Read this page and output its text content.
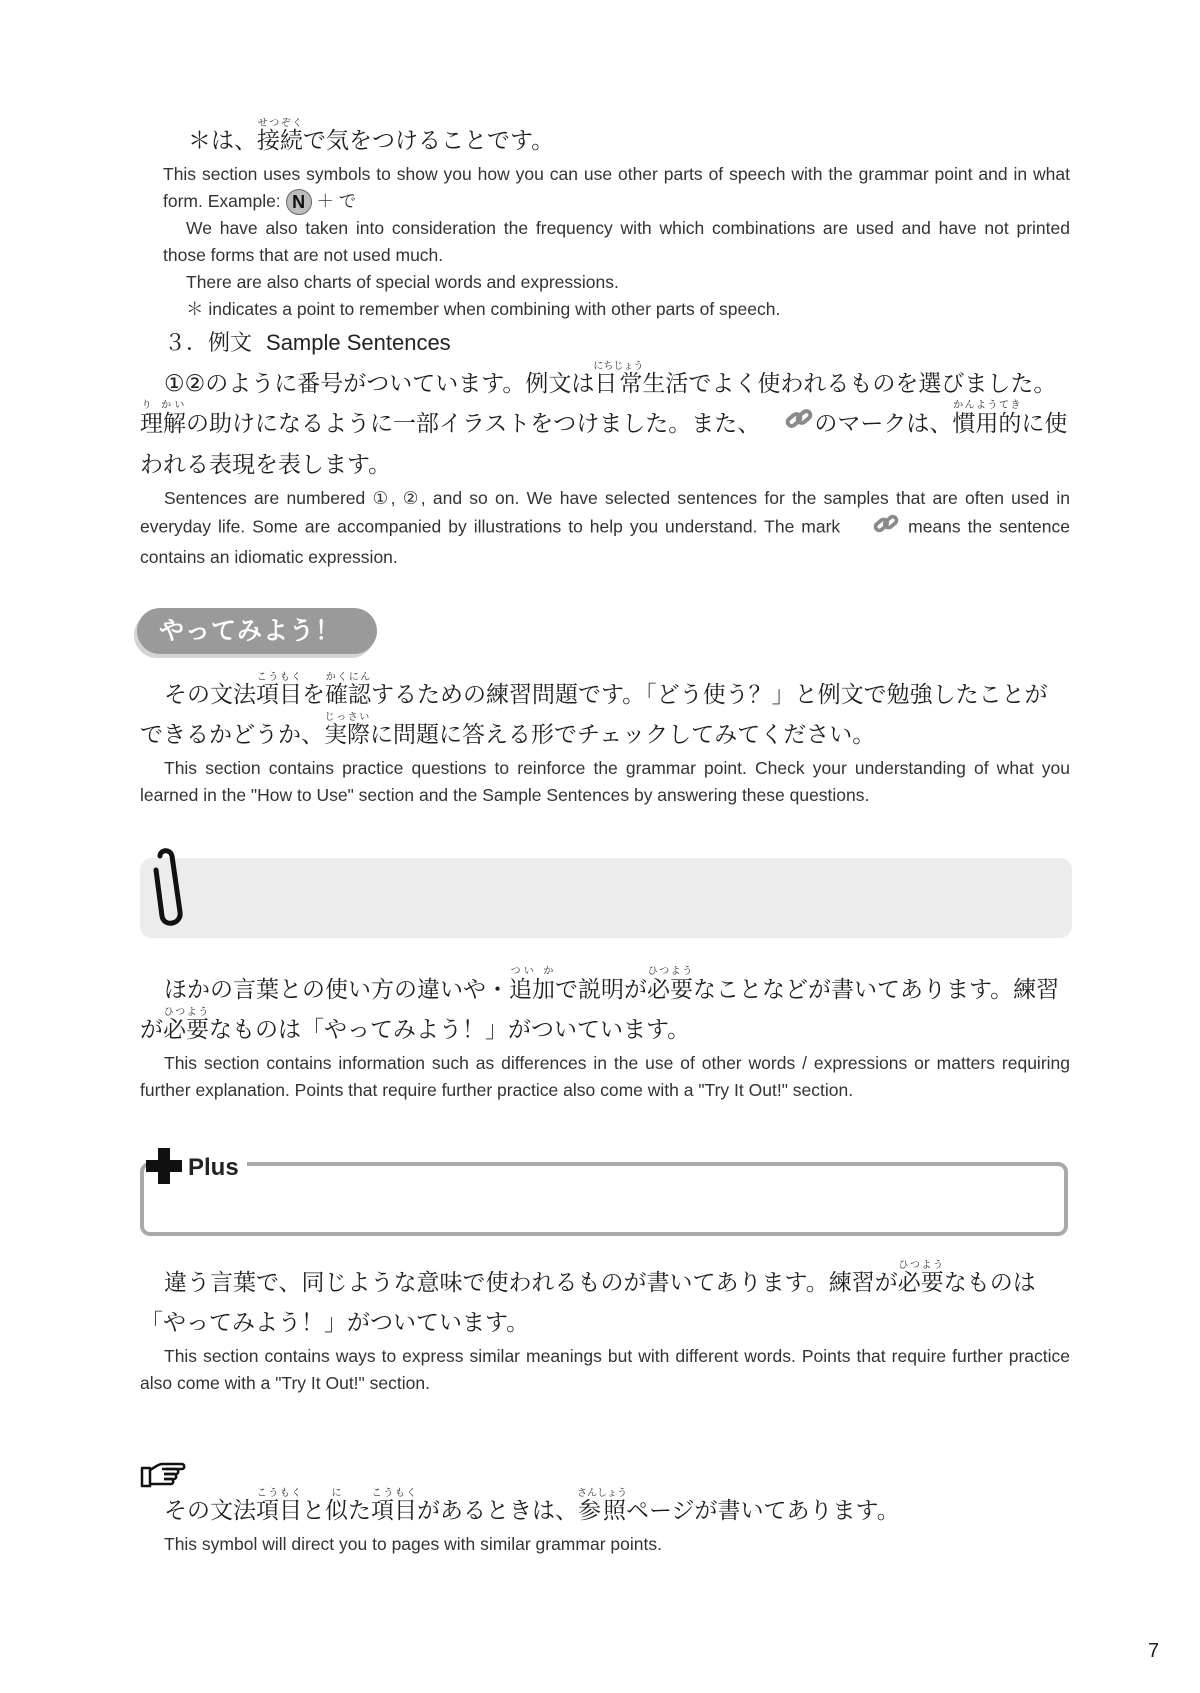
＊は、接続せつぞくで気をつけることです。

This section uses symbols to show you how you can use other parts of speech with the grammar point and in what form. Example: N ＋ で

We have also taken into consideration the frequency with which combinations are used and have not printed those forms that are not used much.

There are also charts of special words and expressions.

＊ indicates a point to remember when combining with other parts of speech.

３．例文 Sample Sentences

①②のように番号がついています。例文は日常にちじょう生活でよく使われるものを選びました。理解り かいの助けになるように一部イラストをつけました。また、 のマークは、慣用的かんようてきに使われる表現を表します。

Sentences are numbered ①, ②, and so on. We have selected sentences for the samples that are often used in everyday life. Some are accompanied by illustrations to help you understand. The mark	means the sentence contains an idiomatic expression.

やってみよう！

その文法項目こうもくを確認かくにんするための練習問題です。「どう使う？」と例文で勉強したことができるかどうか、実際じっさいに問題に答える形でチェックしてみてください。

This section contains practice questions to reinforce the grammar point. Check your understanding of what you learned in the "How to Use" section and the Sample Sentences by answering these questions.

ほかの言葉との使い方の違いや・追加つい かで説明が必要ひつようなことなどが書いてあります。練習が必要ひつようなものは「やってみよう！」がついています。

This section contains information such as differences in the use of other words / expressions or matters requiring further explanation. Points that require further practice also come with a "Try It Out!" section.

Plus

違う言葉で、同じような意味で使われるものが書いてあります。練習が必要ひつようなものは「やってみよう！」がついています。

This section contains ways to express similar meanings but with different words. Points that require further practice also come with a "Try It Out!" section.

その文法項目こうもくと似にた項目こうもくがあるときは、参照さんしょうページが書いてあります。

This symbol will direct you to pages with similar grammar points.

7
